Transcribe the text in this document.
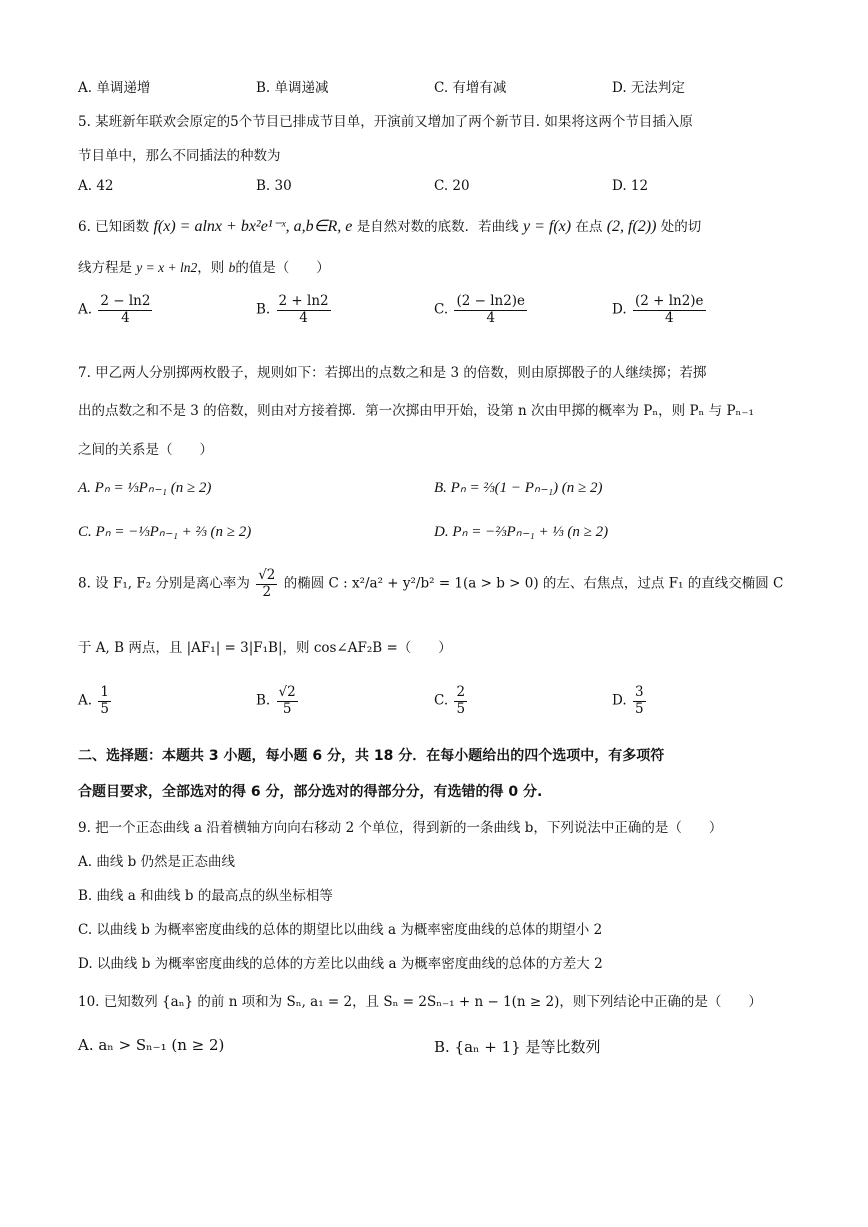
A. 单调递增	B. 单调递减	C. 有增有减	D. 无法判定
5. 某班新年联欢会原定的5个节目已排成节目单，开演前又增加了两个新节目. 如果将这两个节目插入原
节目单中，那么不同插法的种数为
A. 42	B. 30	C. 20	D. 12
6. 已知函数 f(x) = alnx + bx²e¹⁻ˣ, a,b∈R, e 是自然对数的底数．若曲线 y = f(x) 在点 (2, f(2)) 处的切
线方程是 y = x + ln2，则 b的值是（　　）
A. $\frac{2 - \ln 2}{4}$	B. $\frac{2 + \ln 2}{4}$	C. $\frac{(2 - \ln 2)e}{4}$	D. $\frac{(2 + \ln 2)e}{4}$
7. 甲乙两人分别掷两枚骰子，规则如下：若掷出的点数之和是 3 的倍数，则由原掷骰子的人继续掷；若掷
出的点数之和不是 3 的倍数，则由对方接着掷．第一次掷由甲开始，设第 n 次由甲掷的概率为 Pₙ，则 Pₙ 与 Pₙ₋₁
之间的关系是（　　）
A. Pₙ = ⅓Pₙ₋₁ (n ≥ 2)	B. Pₙ = ⅔(1 − Pₙ₋₁) (n ≥ 2)
C. Pₙ = −⅓Pₙ₋₁ + ⅔ (n ≥ 2)	D. Pₙ = −⅔Pₙ₋₁ + ⅓ (n ≥ 2)
8. 设 F₁, F₂ 分别是离心率为 $\frac{√2}{2}$ 的椭圆 C : x²/a² + y²/b² = 1(a > b > 0) 的左、右焦点，过点 F₁ 的直线交椭圆 C
于 A, B 两点，且 |AF₁| = 3|F₁B|，则 cos∠AF₂B =（　　）
A. $\frac{1}{5}$	B. $\frac{√2}{5}$	C. $\frac{2}{5}$	D. $\frac{3}{5}$
二、选择题：本题共 3 小题，每小题 6 分，共 18 分．在每小题给出的四个选项中，有多项符
合题目要求，全部选对的得 6 分，部分选对的得部分分，有选错的得 0 分.
9. 把一个正态曲线 a 沿着横轴方向向右移动 2 个单位，得到新的一条曲线 b，下列说法中正确的是（　　）
A. 曲线 b 仍然是正态曲线
B. 曲线 a 和曲线 b 的最高点的纵坐标相等
C. 以曲线 b 为概率密度曲线的总体的期望比以曲线 a 为概率密度曲线的总体的期望小 2
D. 以曲线 b 为概率密度曲线的总体的方差比以曲线 a 为概率密度曲线的总体的方差大 2
10. 已知数列 {aₙ} 的前 n 项和为 Sₙ, a₁ = 2，且 Sₙ = 2Sₙ₋₁ + n − 1(n ≥ 2)，则下列结论中正确的是（　　）
A. aₙ > Sₙ₋₁ (n ≥ 2)	B. {aₙ + 1} 是等比数列
